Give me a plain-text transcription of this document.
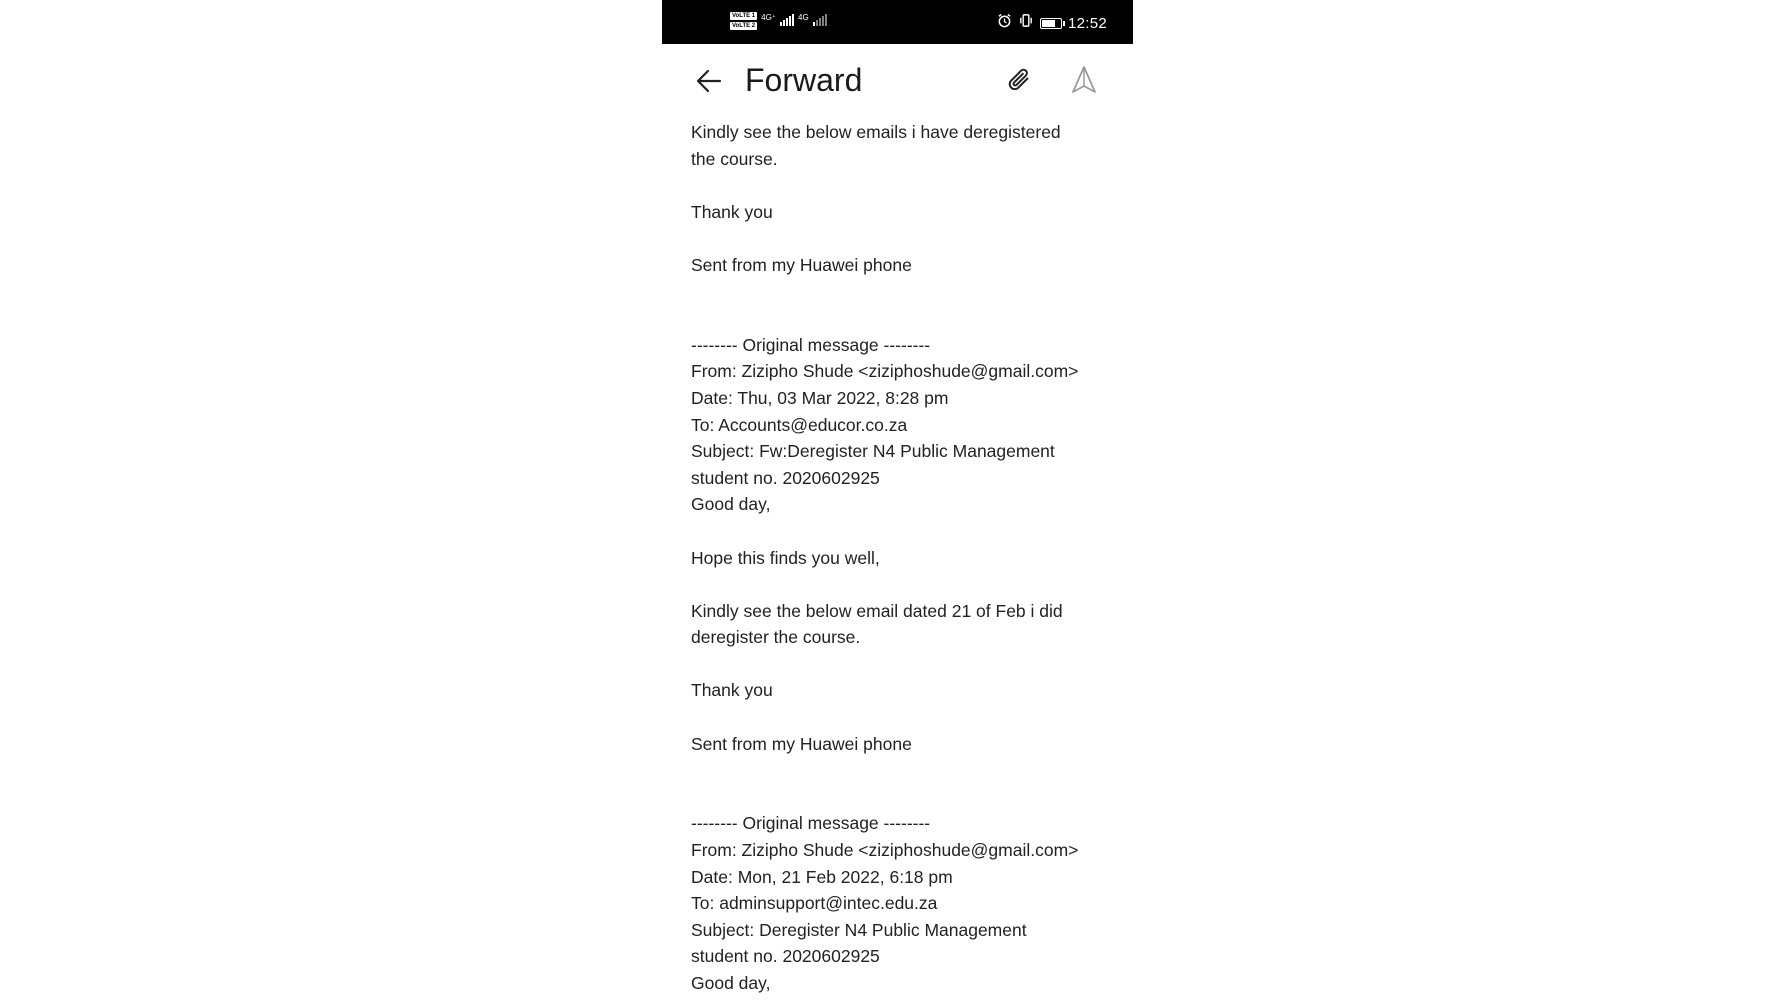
VoLTE 1
VoLTE 2
4G⁺	4G	12:52
Forward
Kindly see the below emails i have deregistered
the course.
Thank you
Sent from my Huawei phone
-------- Original message --------
From: Zizipho Shude <ziziphoshude@gmail.com>
Date: Thu, 03 Mar 2022, 8:28 pm
To: Accounts@educor.co.za
Subject: Fw:Deregister N4 Public Management
student no. 2020602925
Good day,
Hope this finds you well,
Kindly see the below email dated 21 of Feb i did
deregister the course.
Thank you
Sent from my Huawei phone
-------- Original message --------
From: Zizipho Shude <ziziphoshude@gmail.com>
Date: Mon, 21 Feb 2022, 6:18 pm
To: adminsupport@intec.edu.za
Subject: Deregister N4 Public Management
student no. 2020602925
Good day,
